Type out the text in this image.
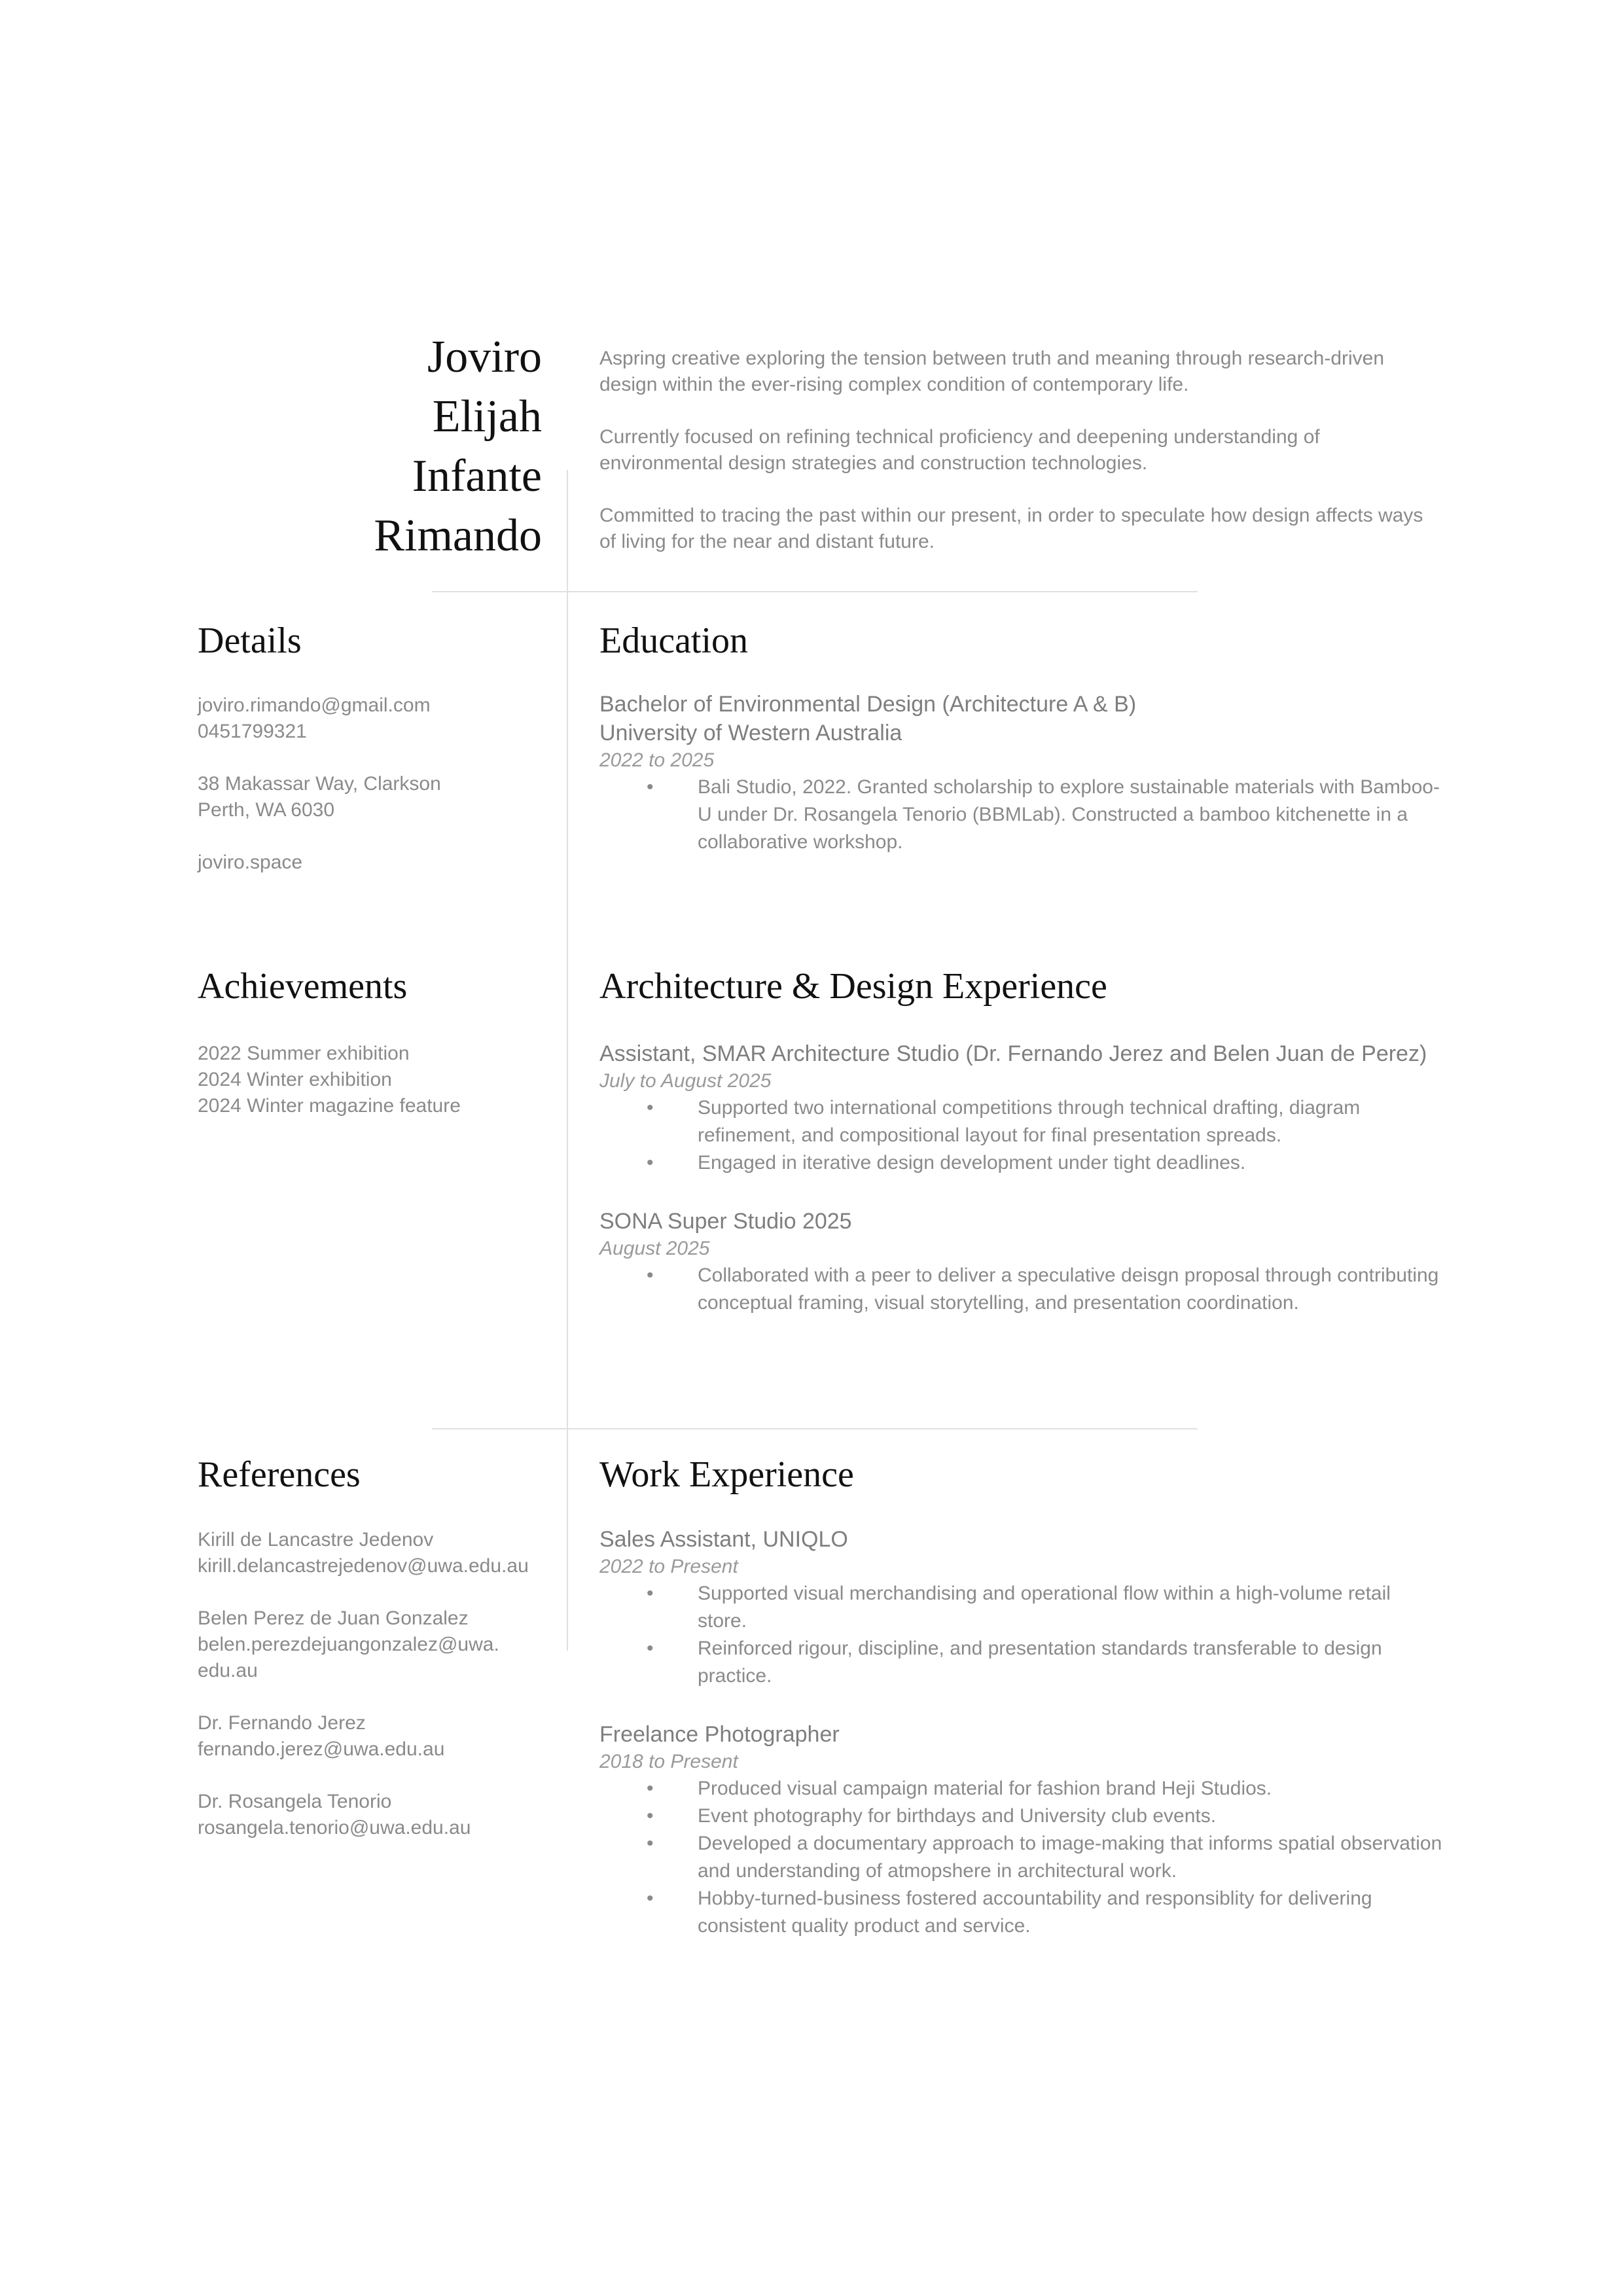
Joviro
Elijah
Infante
Rimando

Aspring creative exploring the tension between truth and meaning through research-driven design within the ever-rising complex condition of contemporary life.

Currently focused on refining technical proficiency and deepening understanding of environmental design strategies and construction technologies.

Committed to tracing the past within our present, in order to speculate how design affects ways of living for the near and distant future.

Details
joviro.rimando@gmail.com
0451799321
38 Makassar Way, Clarkson
Perth, WA 6030
joviro.space
Education
Bachelor of Environmental Design (Architecture A & B)
University of Western Australia
2022 to 2025
• Bali Studio, 2022. Granted scholarship to explore sustainable materials with Bamboo-U under Dr. Rosangela Tenorio (BBMLab). Constructed a bamboo kitchenette in a collaborative workshop.
Achievements
2022 Summer exhibition
2024 Winter exhibition
2024 Winter magazine feature
Architecture & Design Experience
Assistant, SMAR Architecture Studio (Dr. Fernando Jerez and Belen Juan de Perez)
July to August 2025
• Supported two international competitions through technical drafting, diagram refinement, and compositional layout for final presentation spreads.
• Engaged in iterative design development under tight deadlines.
SONA Super Studio 2025
August 2025
• Collaborated with a peer to deliver a speculative deisgn proposal through contributing conceptual framing, visual storytelling, and presentation coordination.
References
Kirill de Lancastre Jedenov
kirill.delancastrejedenov@uwa.edu.au
Belen Perez de Juan Gonzalez
belen.perezdejuangonzalez@uwa.
edu.au
Dr. Fernando Jerez
fernando.jerez@uwa.edu.au
Dr. Rosangela Tenorio
rosangela.tenorio@uwa.edu.au
Work Experience
Sales Assistant, UNIQLO
2022 to Present
• Supported visual merchandising and operational flow within a high-volume retail store.
• Reinforced rigour, discipline, and presentation standards transferable to design practice.
Freelance Photographer
2018 to Present
• Produced visual campaign material for fashion brand Heji Studios.
• Event photography for birthdays and University club events.
• Developed a documentary approach to image-making that informs spatial observation and understanding of atmopshere in architectural work.
• Hobby-turned-business fostered accountability and responsiblity for delivering consistent quality product and service.
